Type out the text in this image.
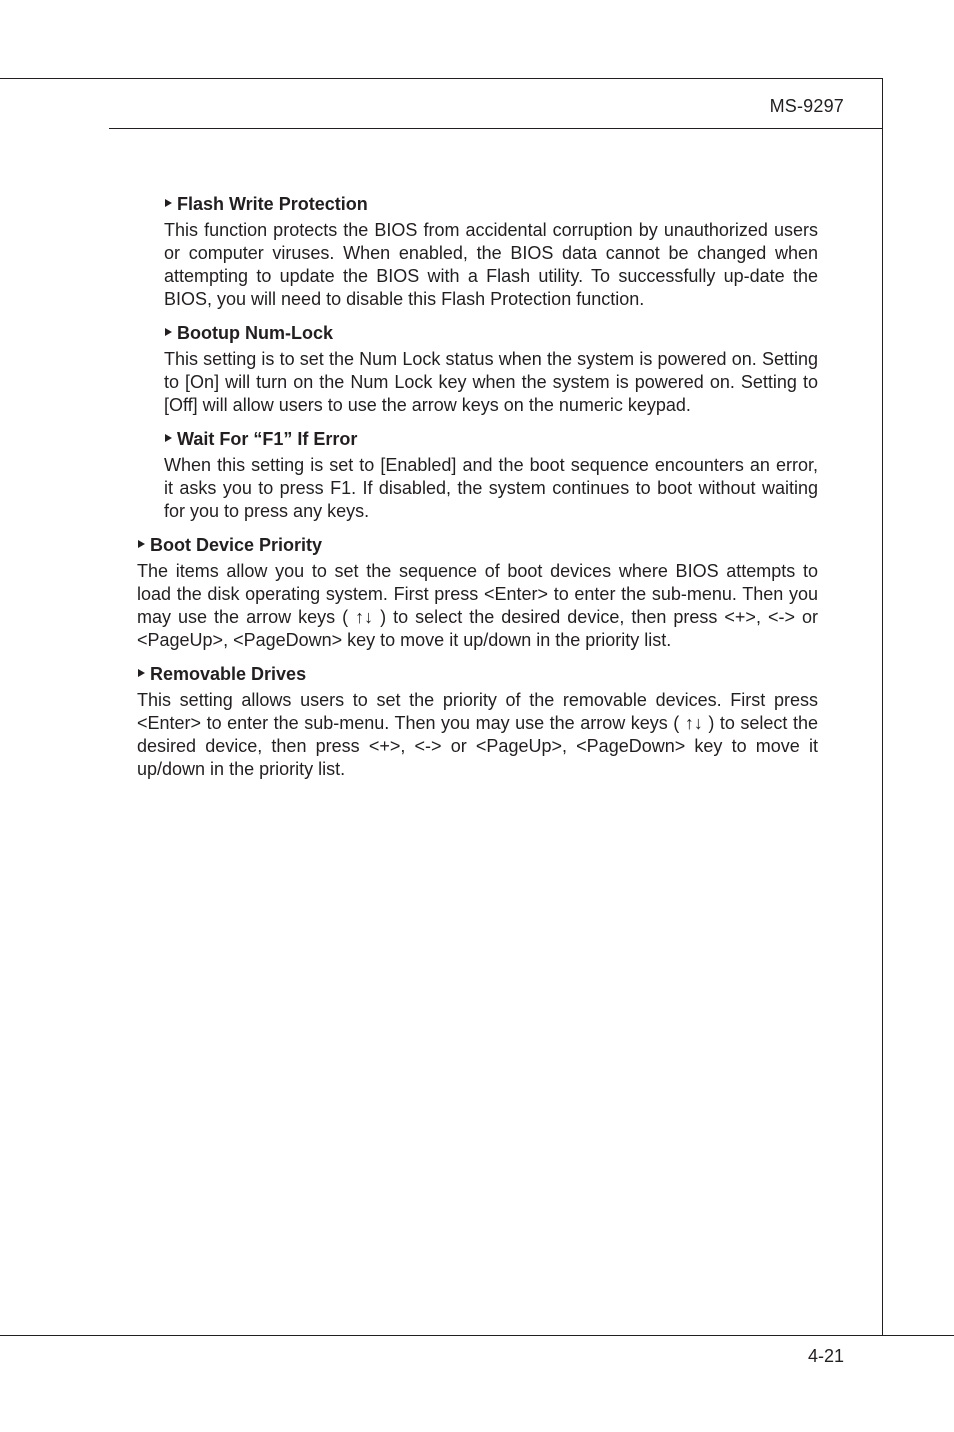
MS-9297
Flash Write Protection

This function protects the BIOS from accidental corruption by unauthorized users or computer viruses. When enabled, the BIOS data cannot be changed when attempting to update the BIOS with a Flash utility. To successfully up-date the BIOS, you will need to disable this Flash Protection function.

Bootup Num-Lock

This setting is to set the Num Lock status when the system is powered on. Setting to [On] will turn on the Num Lock key when the system is powered on. Setting to [Off] will allow users to use the arrow keys on the numeric keypad.

Wait For “F1” If Error

When this setting is set to [Enabled] and the boot sequence encounters an error, it asks you to press F1. If disabled, the system continues to boot without waiting for you to press any keys.

Boot Device Priority

The items allow you to set the sequence of boot devices where BIOS attempts to load the disk operating system. First press <Enter> to enter the sub-menu. Then you may use the arrow keys ( ↑↓ ) to select the desired device, then press <+>, <-> or <PageUp>, <PageDown> key to move it up/down in the priority list.

Removable Drives

This setting allows users to set the priority of the removable devices. First press <Enter> to enter the sub-menu. Then you may use the arrow keys ( ↑↓ ) to select the desired device, then press <+>, <-> or <PageUp>, <PageDown> key to move it up/down in the priority list.

4-21
